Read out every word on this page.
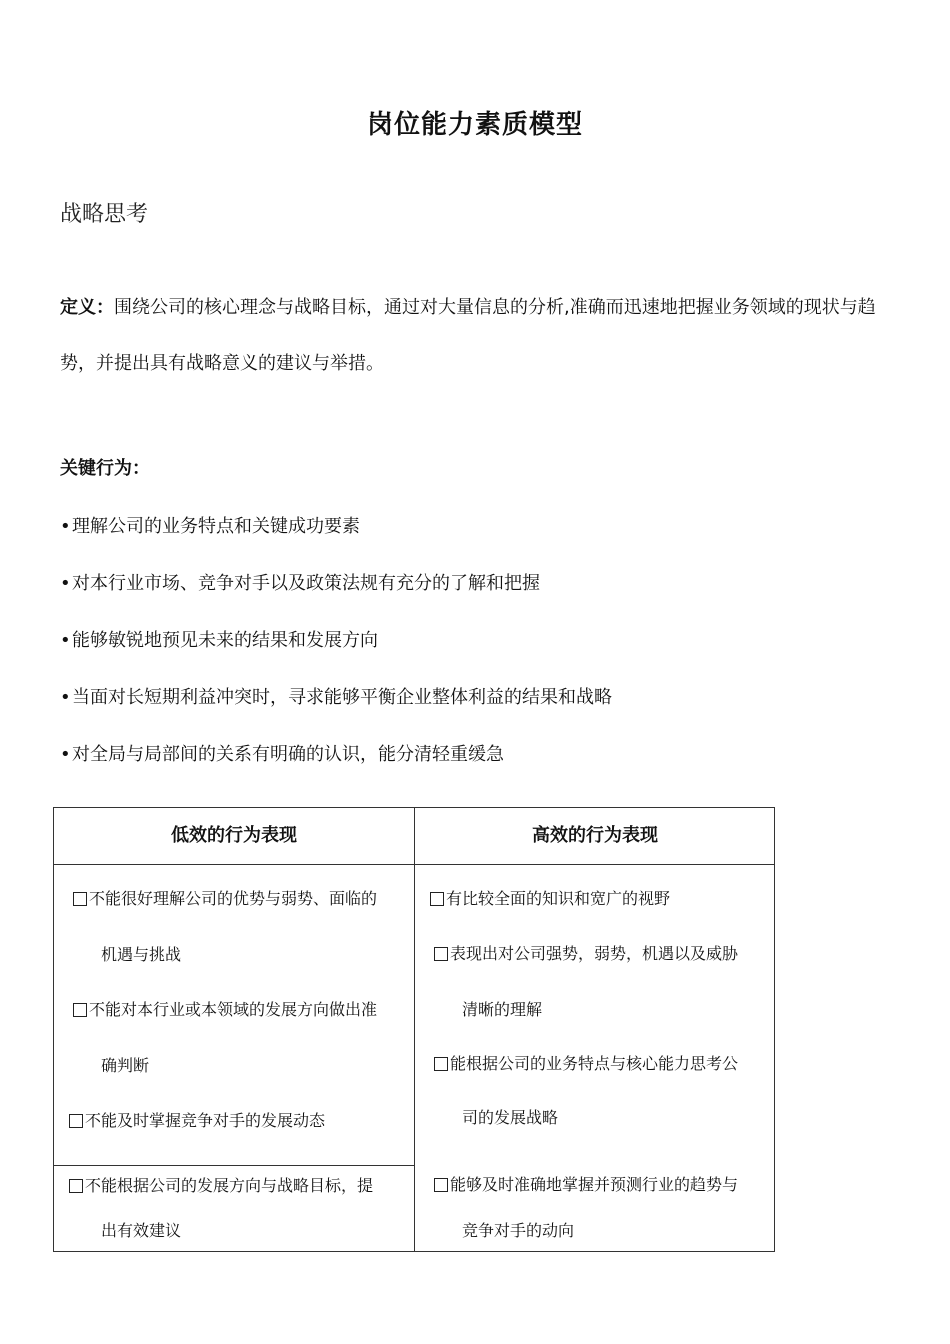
岗位能力素质模型
战略思考
定义：围绕公司的核心理念与战略目标，通过对大量信息的分析,准确而迅速地把握业务领域的现状与趋势，并提出具有战略意义的建议与举措。
关键行为：
•理解公司的业务特点和关键成功要素
•对本行业市场、竞争对手以及政策法规有充分的了解和把握
•能够敏锐地预见未来的结果和发展方向
•当面对长短期利益冲突时，寻求能够平衡企业整体利益的结果和战略
•对全局与局部间的关系有明确的认识，能分清轻重缓急
低效的行为表现	高效的行为表现
不能很好理解公司的优势与弱势、面临的
机遇与挑战
不能对本行业或本领域的发展方向做出准
确判断
不能及时掌握竞争对手的发展动态
不能根据公司的发展方向与战略目标，提
出有效建议
有比较全面的知识和宽广的视野
表现出对公司强势，弱势，机遇以及威胁
清晰的理解
能根据公司的业务特点与核心能力思考公
司的发展战略
能够及时准确地掌握并预测行业的趋势与
竞争对手的动向
